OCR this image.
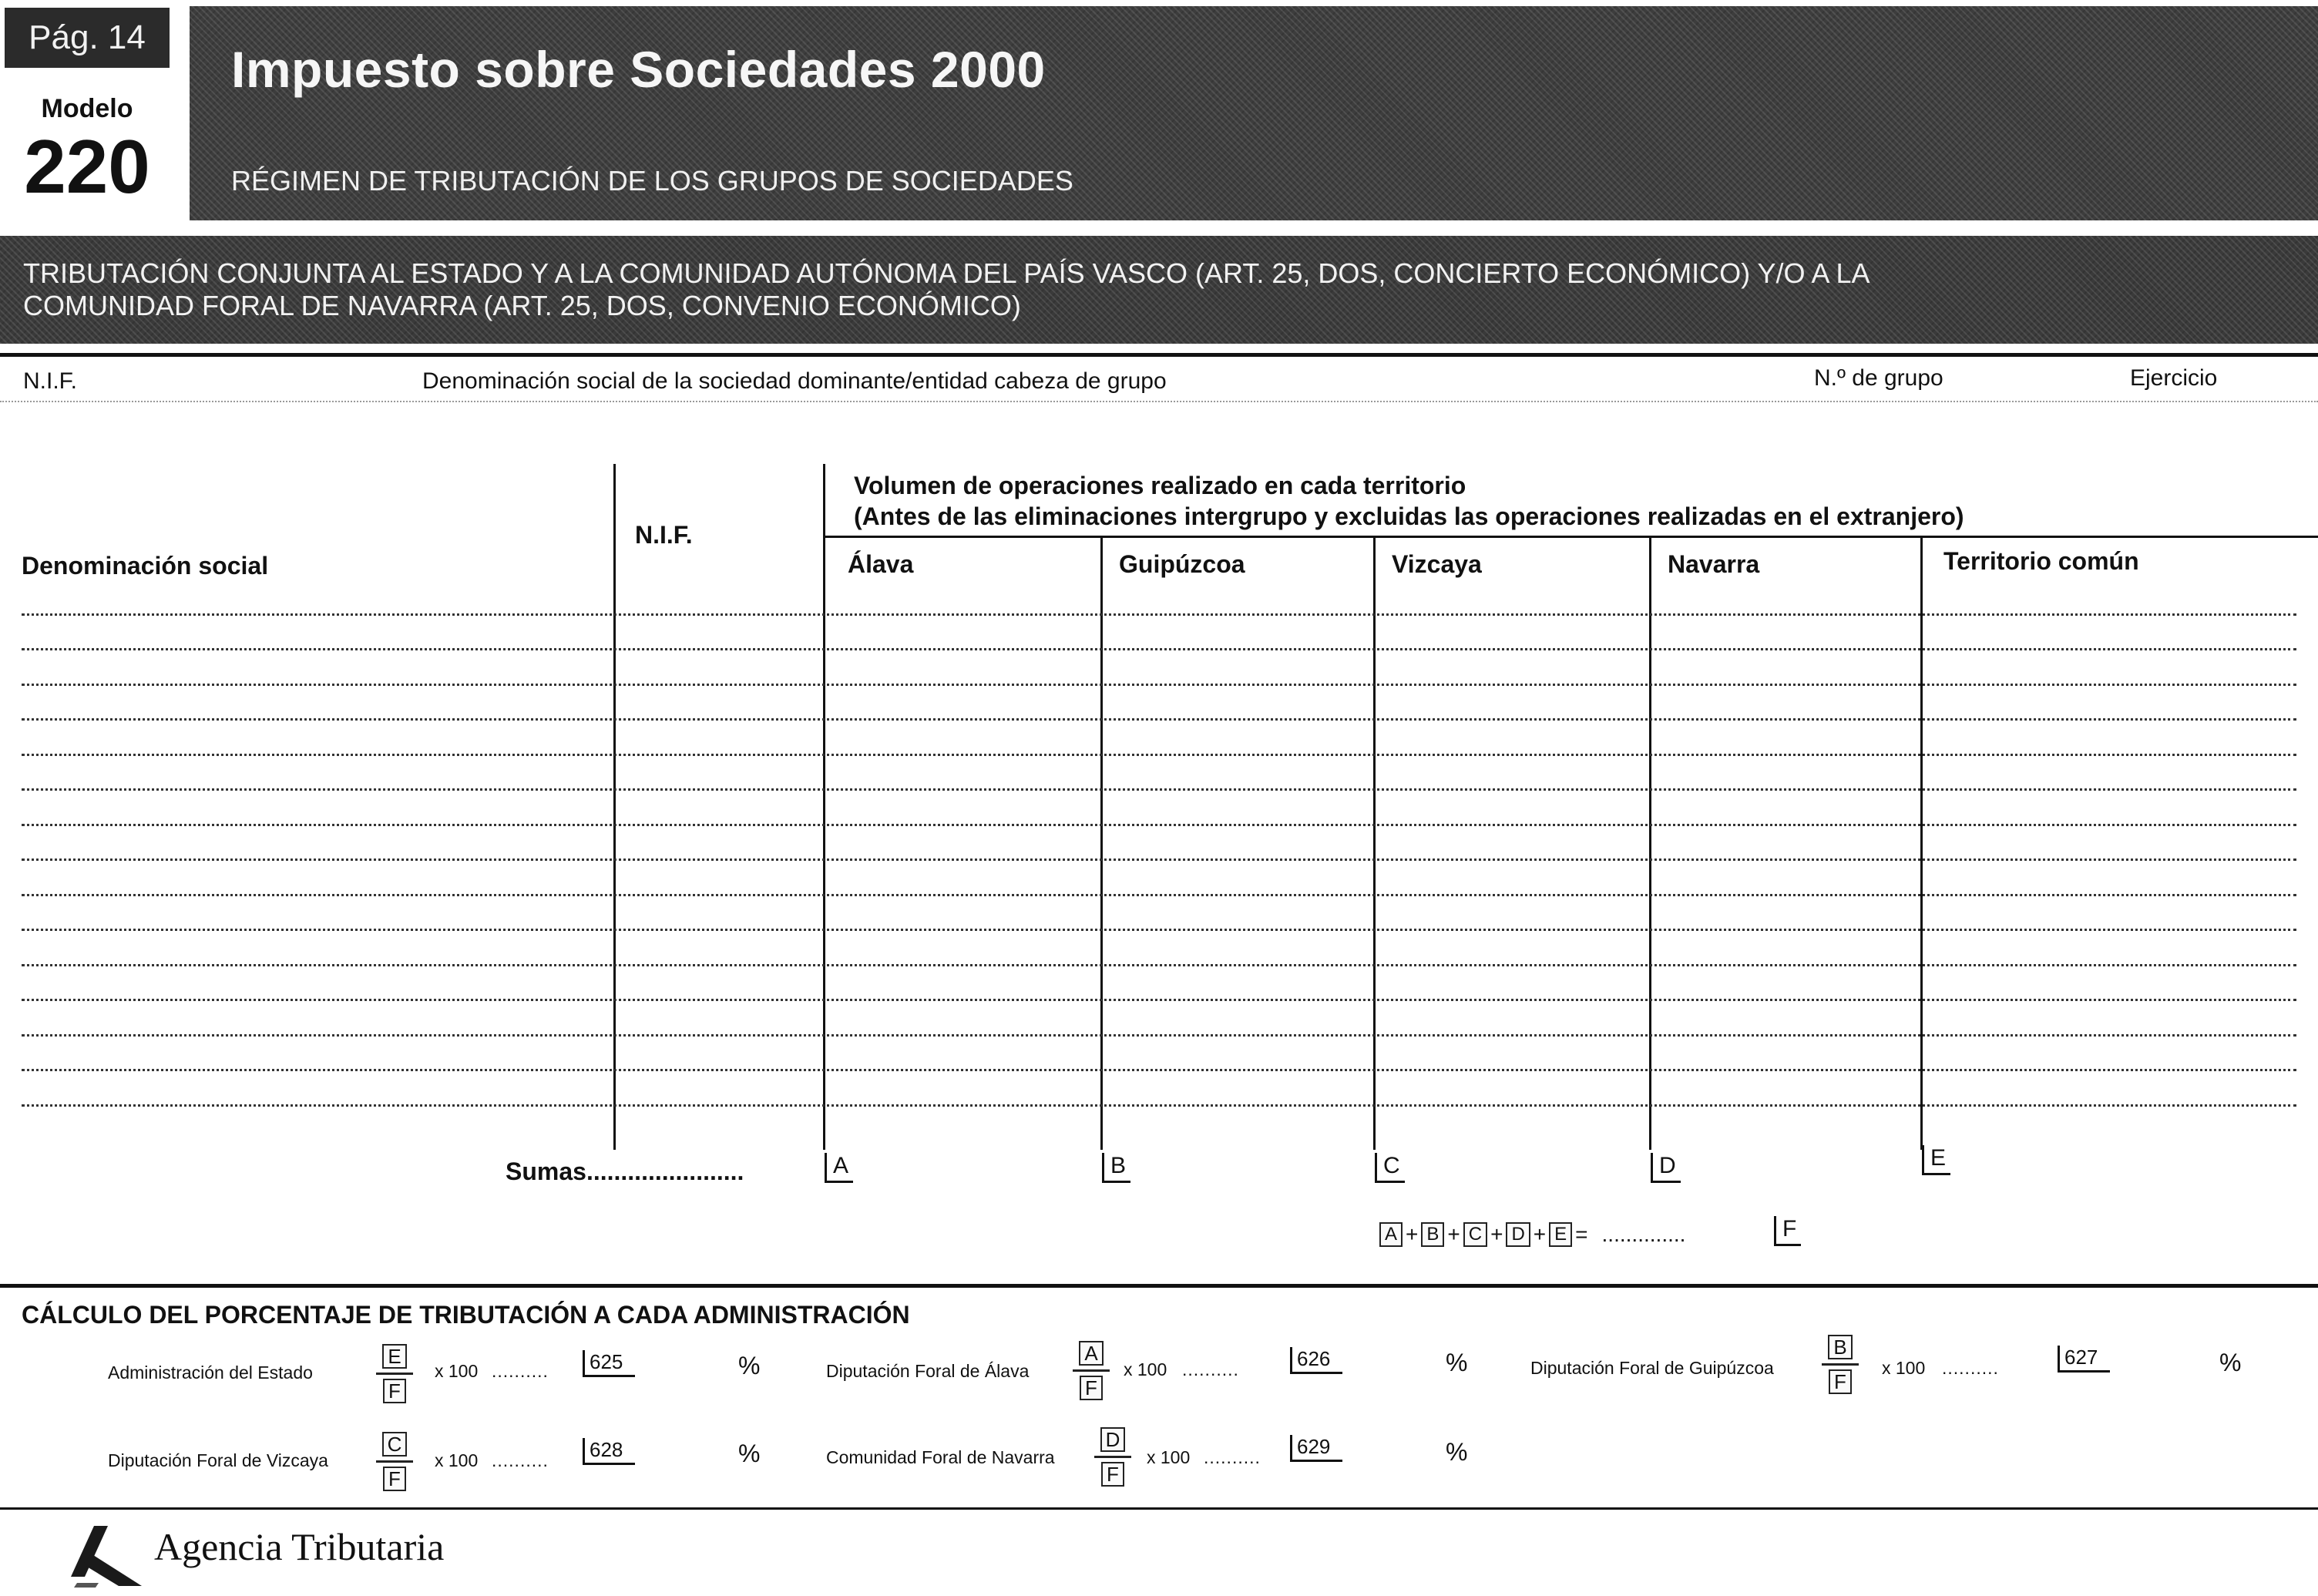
Pág. 14
Modelo
220
Impuesto sobre Sociedades 2000
RÉGIMEN DE TRIBUTACIÓN DE LOS GRUPOS DE SOCIEDADES
TRIBUTACIÓN CONJUNTA AL ESTADO Y A LA COMUNIDAD AUTÓNOMA DEL PAÍS VASCO (ART. 25, DOS, CONCIERTO ECONÓMICO) Y/O A LA
COMUNIDAD FORAL DE NAVARRA (ART. 25, DOS, CONVENIO ECONÓMICO)
N.I.F.	Denominación social de la sociedad dominante/entidad cabeza de grupo	N.º de grupo	Ejercicio
Denominación social
N.I.F.
Volumen de operaciones realizado en cada territorio
(Antes de las eliminaciones intergrupo y excluidas las operaciones realizadas en el extranjero)
Álava	Guipúzcoa	Vizcaya	Navarra	Territorio común
Sumas.......................	A	B	C	D	E
A + B + C + D + E = ..............	F
CÁLCULO DEL PORCENTAJE DE TRIBUTACIÓN A CADA ADMINISTRACIÓN
Administración del Estado	$\frac{E}{F}$ x 100 ..........	625	%	Diputación Foral de Álava $\frac{A}{F}$ x 100 ..........	626	%	Diputación Foral de Guipúzcoa $\frac{B}{F}$ x 100 ..........	627	%
Diputación Foral de Vizcaya $\frac{C}{F}$ x 100 ..........	628	%	Comunidad Foral de Navarra $\frac{D}{F}$ x 100 ..........	629	%
Agencia Tributaria
